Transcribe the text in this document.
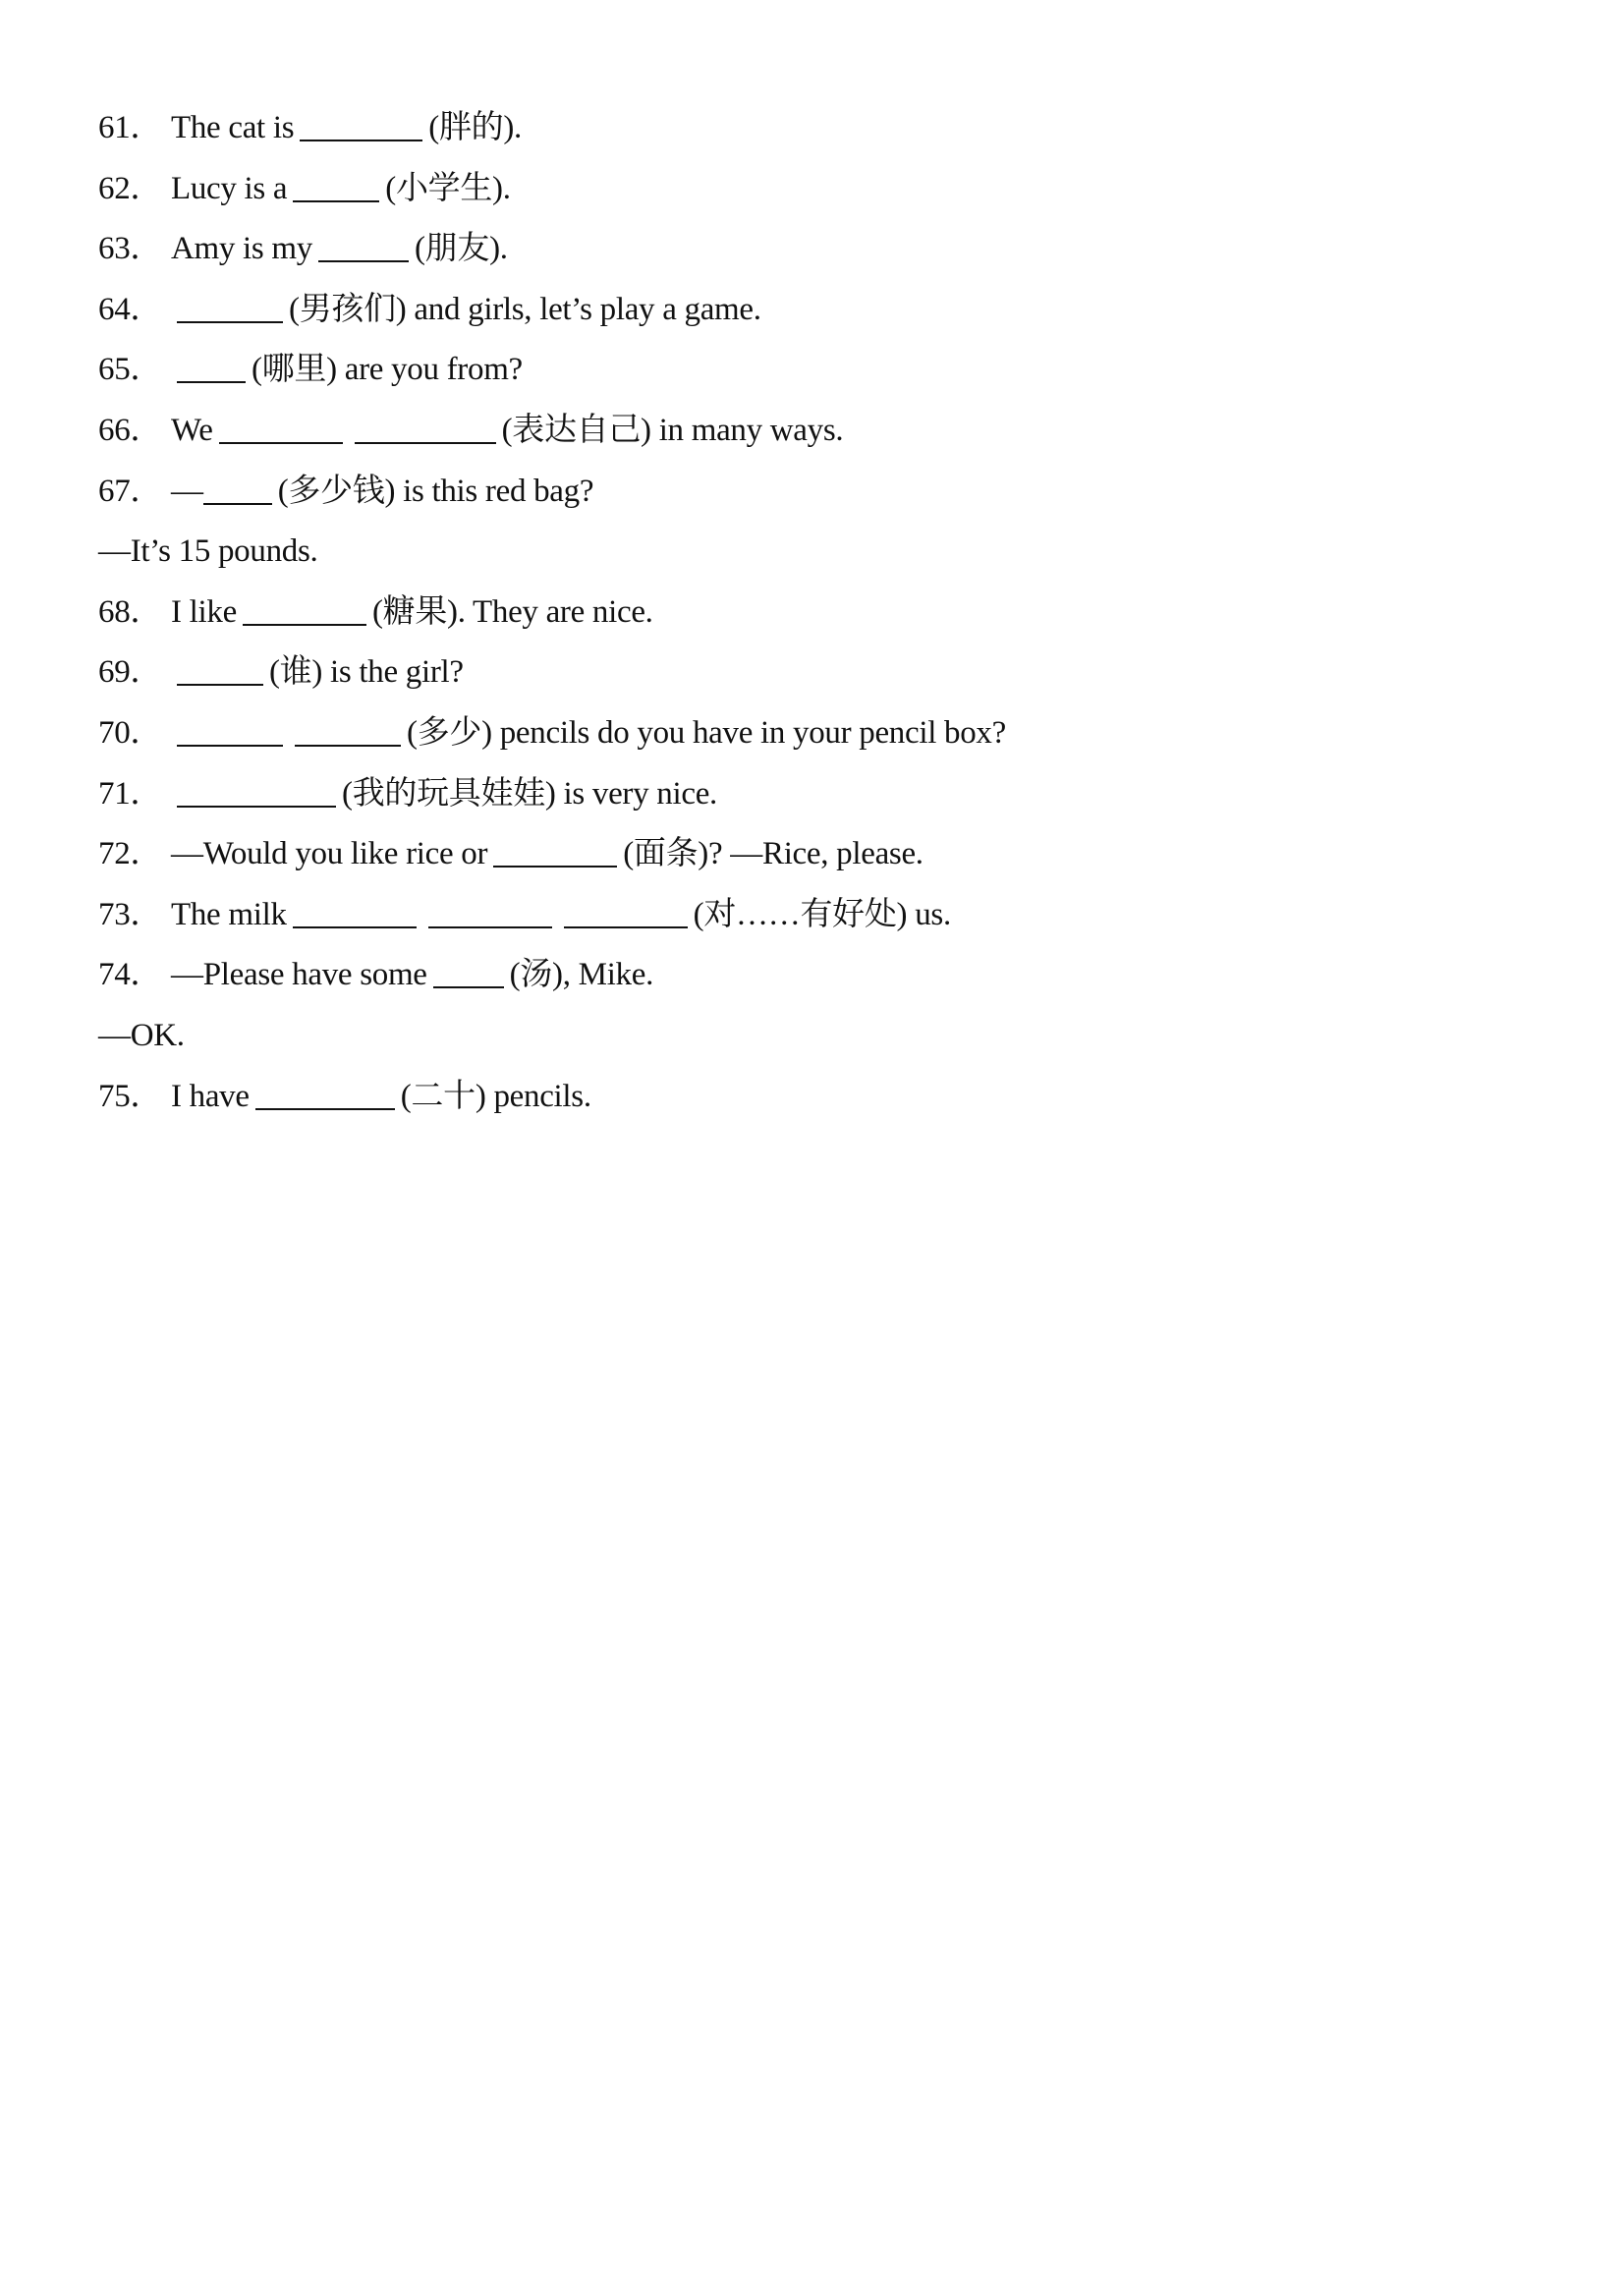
61． The cat is	(胖的).
62． Lucy is a	(小学生).
63． Amy is my	(朋友).
64．	(男孩们) and girls, let’s play a game.
65．	(哪里) are you from?
66． We	(表达自己) in many ways.
67． — (多少钱) is this red bag?
—It’s 15 pounds.
68． I like	(糖果). They are nice.
69．	(谁) is the girl?
70．	(多少) pencils do you have in your pencil box?
71．	(我的玩具娃娃) is very nice.
72． —Would you like rice or	(面条)? —Rice, please.
73． The milk	(对……有好处) us.
74． —Please have some	(汤), Mike.
—OK.
75． I have	(二十) pencils.
